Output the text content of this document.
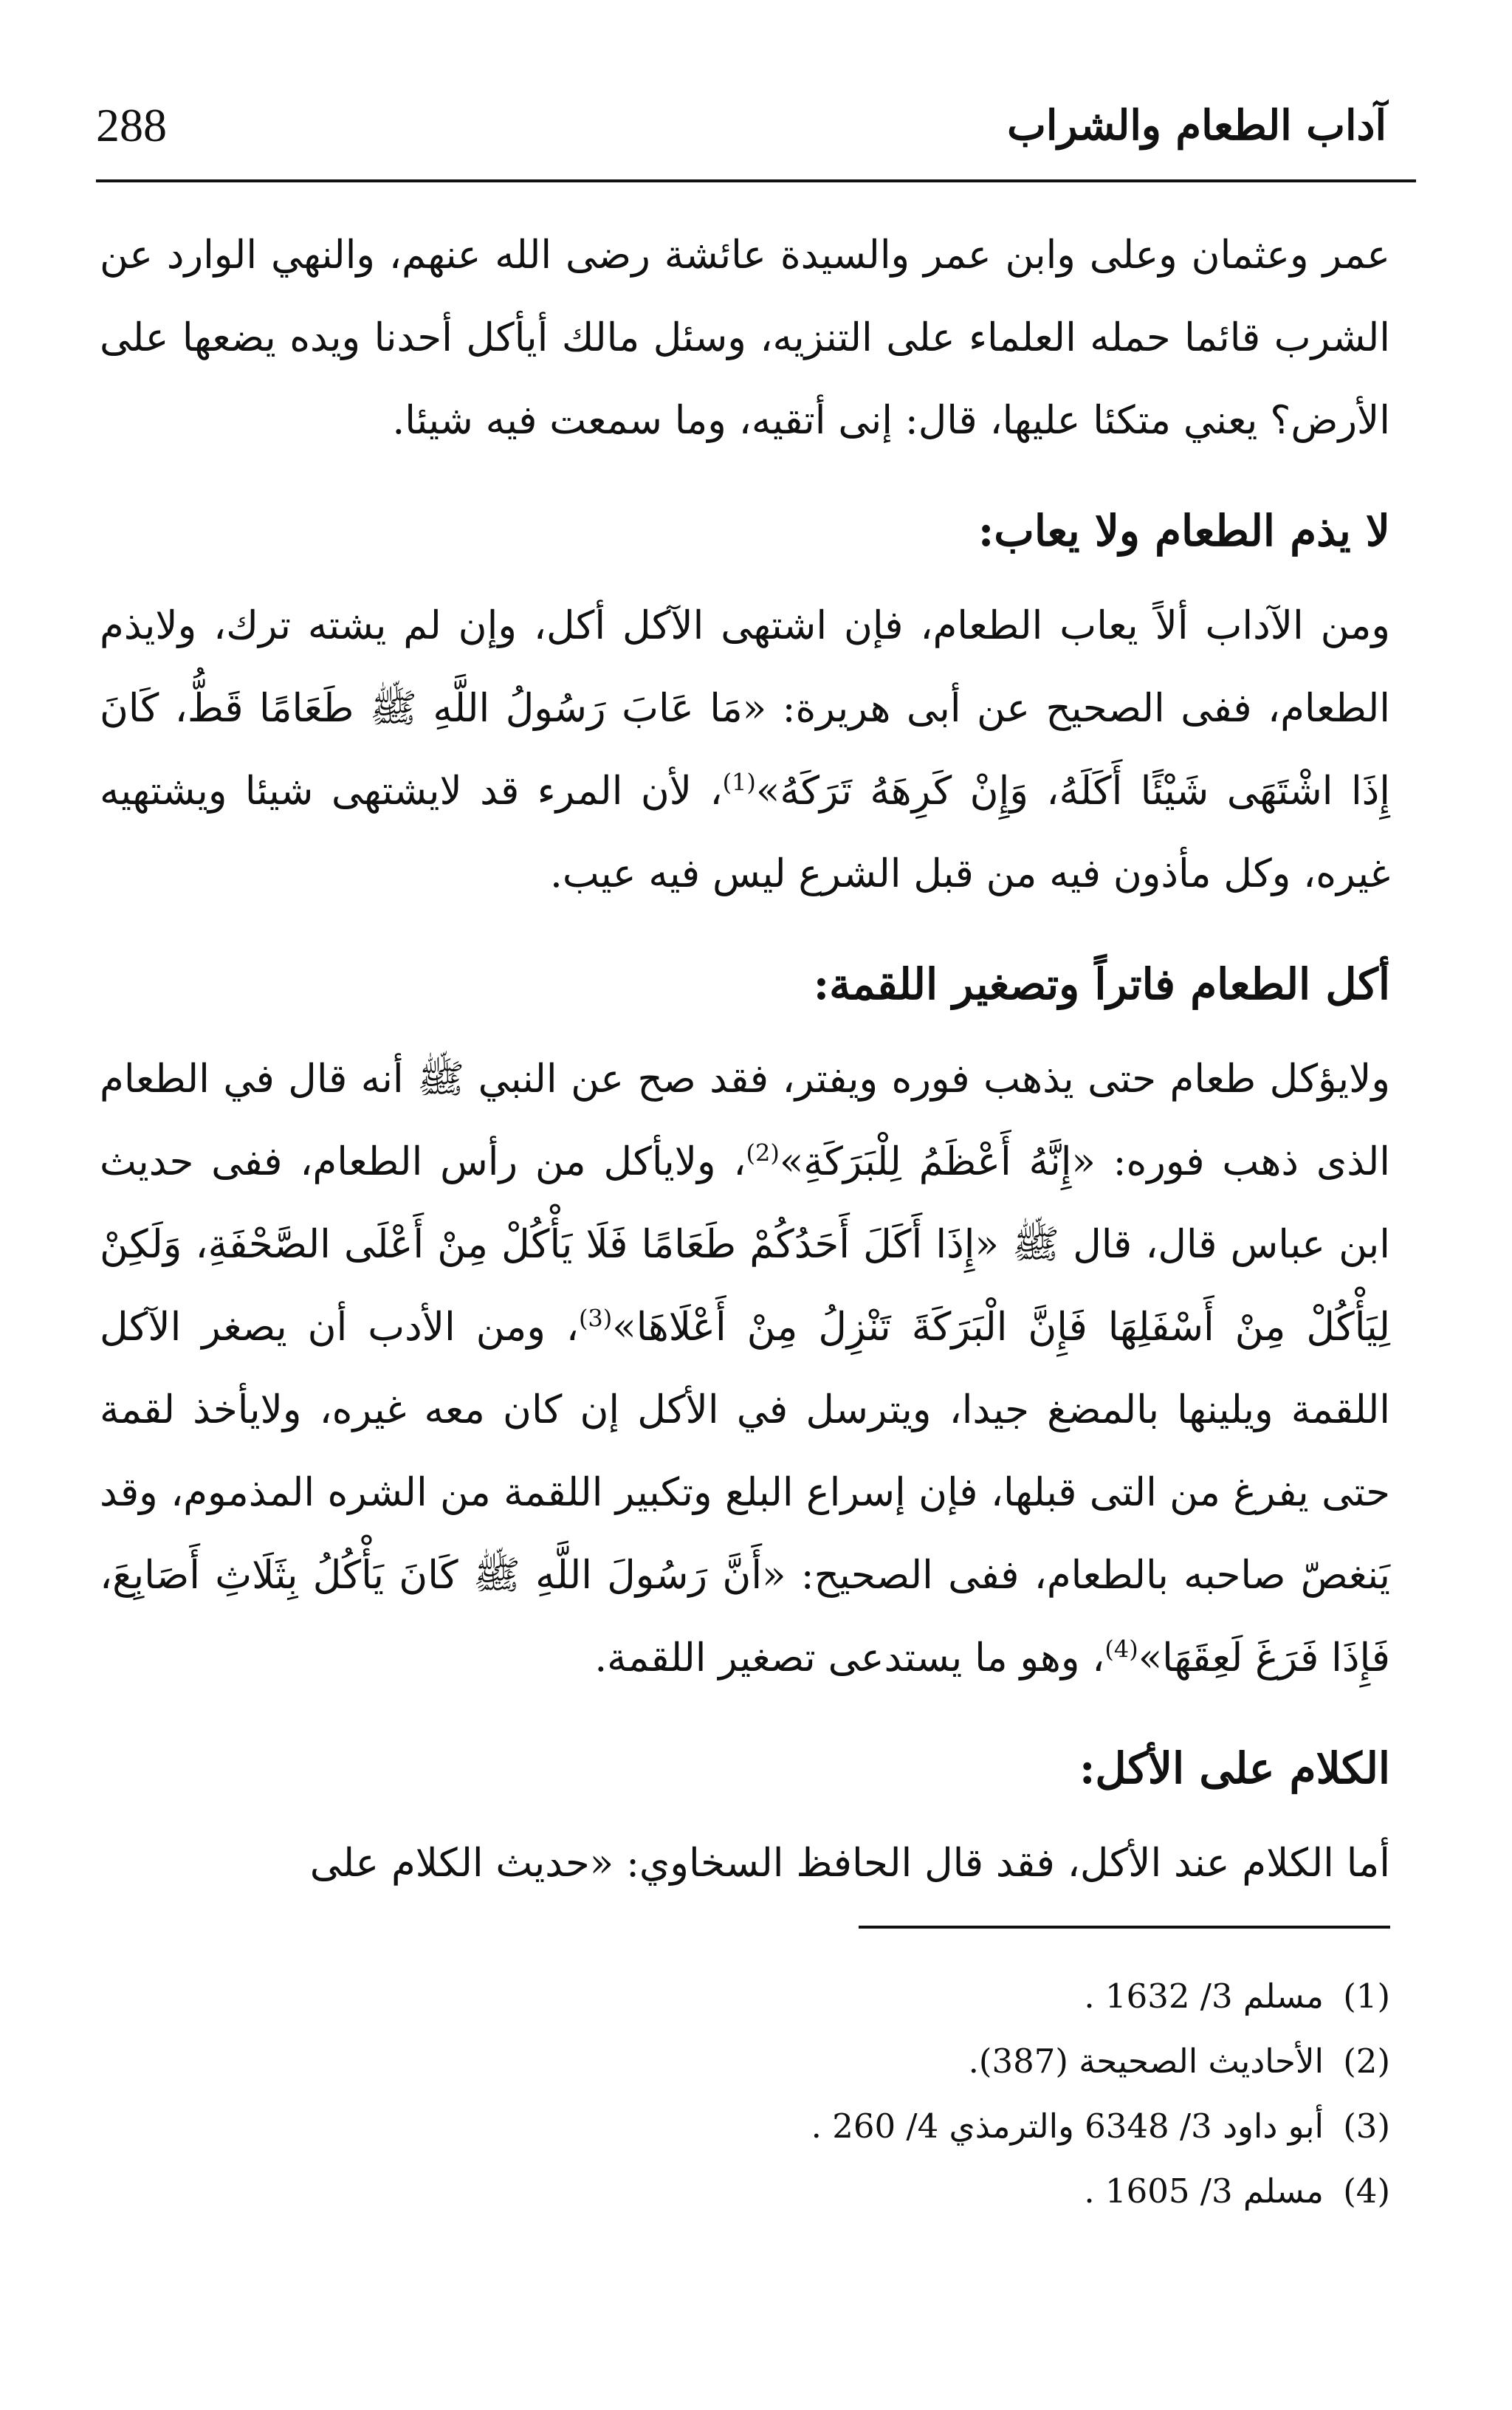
288	آداب الطعام والشراب

عمر وعثمان وعلى وابن عمر والسيدة عائشة رضى الله عنهم، والنهي الوارد عن الشرب قائما حمله العلماء على التنزيه، وسئل مالك أيأكل أحدنا ويده يضعها على الأرض؟ يعني متكئا عليها، قال: إنى أتقيه، وما سمعت فيه شيئا.

لا يذم الطعام ولا يعاب:

ومن الآداب ألاً يعاب الطعام، فإن اشتهى الآكل أكل، وإن لم يشته ترك، ولايذم الطعام، ففى الصحيح عن أبى هريرة: «مَا عَابَ رَسُولُ اللَّهِ ﷺ طَعَامًا قَطُّ، كَانَ إِذَا اشْتَهَى شَيْئًا أَكَلَهُ، وَإِنْ كَرِهَهُ تَرَكَهُ»$^{(1)}$، لأن المرء قد لايشتهى شيئا ويشتهيه غيره، وكل مأذون فيه من قبل الشرع ليس فيه عيب.

أكل الطعام فاتراً وتصغير اللقمة:

ولايؤكل طعام حتى يذهب فوره ويفتر، فقد صح عن النبي ﷺ أنه قال في الطعام الذى ذهب فوره: «إِنَّهُ أَعْظَمُ لِلْبَرَكَةِ»$^{(2)}$، ولايأكل من رأس الطعام، ففى حديث ابن عباس قال، قال ﷺ «إِذَا أَكَلَ أَحَدُكُمْ طَعَامًا فَلَا يَأْكُلْ مِنْ أَعْلَى الصَّحْفَةِ، وَلَكِنْ لِيَأْكُلْ مِنْ أَسْفَلِهَا فَإِنَّ الْبَرَكَةَ تَنْزِلُ مِنْ أَعْلَاهَا»$^{(3)}$، ومن الأدب أن يصغر الآكل اللقمة ويلينها بالمضغ جيدا، ويترسل في الأكل إن كان معه غيره، ولايأخذ لقمة حتى يفرغ من التى قبلها، فإن إسراع البلع وتكبير اللقمة من الشره المذموم، وقد يَنغصّ صاحبه بالطعام، ففى الصحيح: «أَنَّ رَسُولَ اللَّهِ ﷺ كَانَ يَأْكُلُ بِثَلَاثِ أَصَابِعَ، فَإِذَا فَرَغَ لَعِقَهَا»$^{(4)}$، وهو ما يستدعى تصغير اللقمة.

الكلام على الأكل:

أما الكلام عند الأكل، فقد قال الحافظ السخاوي: «حديث الكلام على

(1)مسلم 3/ 1632 .
(2)الأحاديث الصحيحة (387).
(3)أبو داود 3/ 6348 والترمذي 4/ 260 .
(4)مسلم 3/ 1605 .
